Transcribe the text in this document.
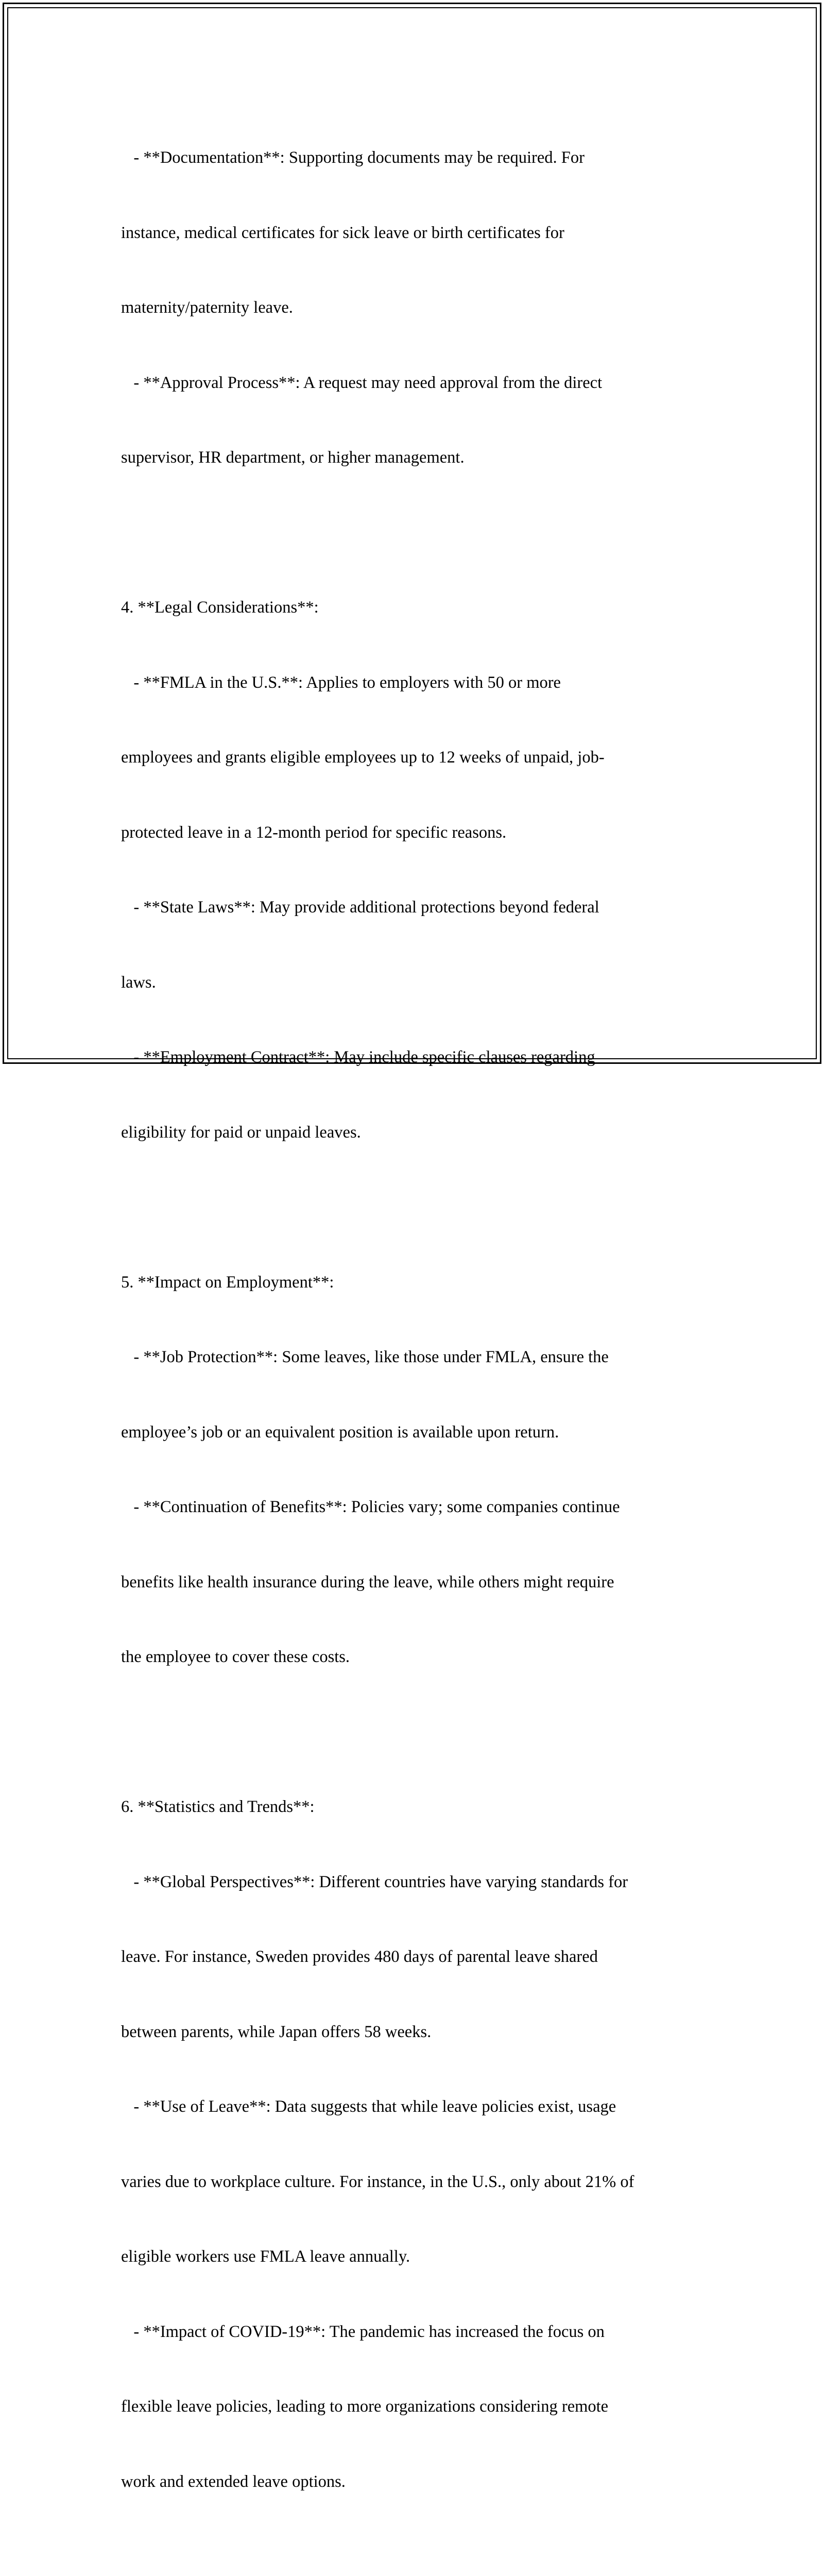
- **Documentation**: Supporting documents may be required. For

instance, medical certificates for sick leave or birth certificates for

maternity/paternity leave.

- **Approval Process**: A request may need approval from the direct

supervisor, HR department, or higher management.

4. **Legal Considerations**:

- **FMLA in the U.S.**: Applies to employers with 50 or more

employees and grants eligible employees up to 12 weeks of unpaid, job-

protected leave in a 12-month period for specific reasons.

- **State Laws**: May provide additional protections beyond federal

laws.

- **Employment Contract**: May include specific clauses regarding

eligibility for paid or unpaid leaves.

5. **Impact on Employment**:

- **Job Protection**: Some leaves, like those under FMLA, ensure the

employee’s job or an equivalent position is available upon return.

- **Continuation of Benefits**: Policies vary; some companies continue

benefits like health insurance during the leave, while others might require

the employee to cover these costs.

6. **Statistics and Trends**:

- **Global Perspectives**: Different countries have varying standards for

leave. For instance, Sweden provides 480 days of parental leave shared

between parents, while Japan offers 58 weeks.

- **Use of Leave**: Data suggests that while leave policies exist, usage

varies due to workplace culture. For instance, in the U.S., only about 21% of

eligible workers use FMLA leave annually.

- **Impact of COVID-19**: The pandemic has increased the focus on

flexible leave policies, leading to more organizations considering remote

work and extended leave options.
